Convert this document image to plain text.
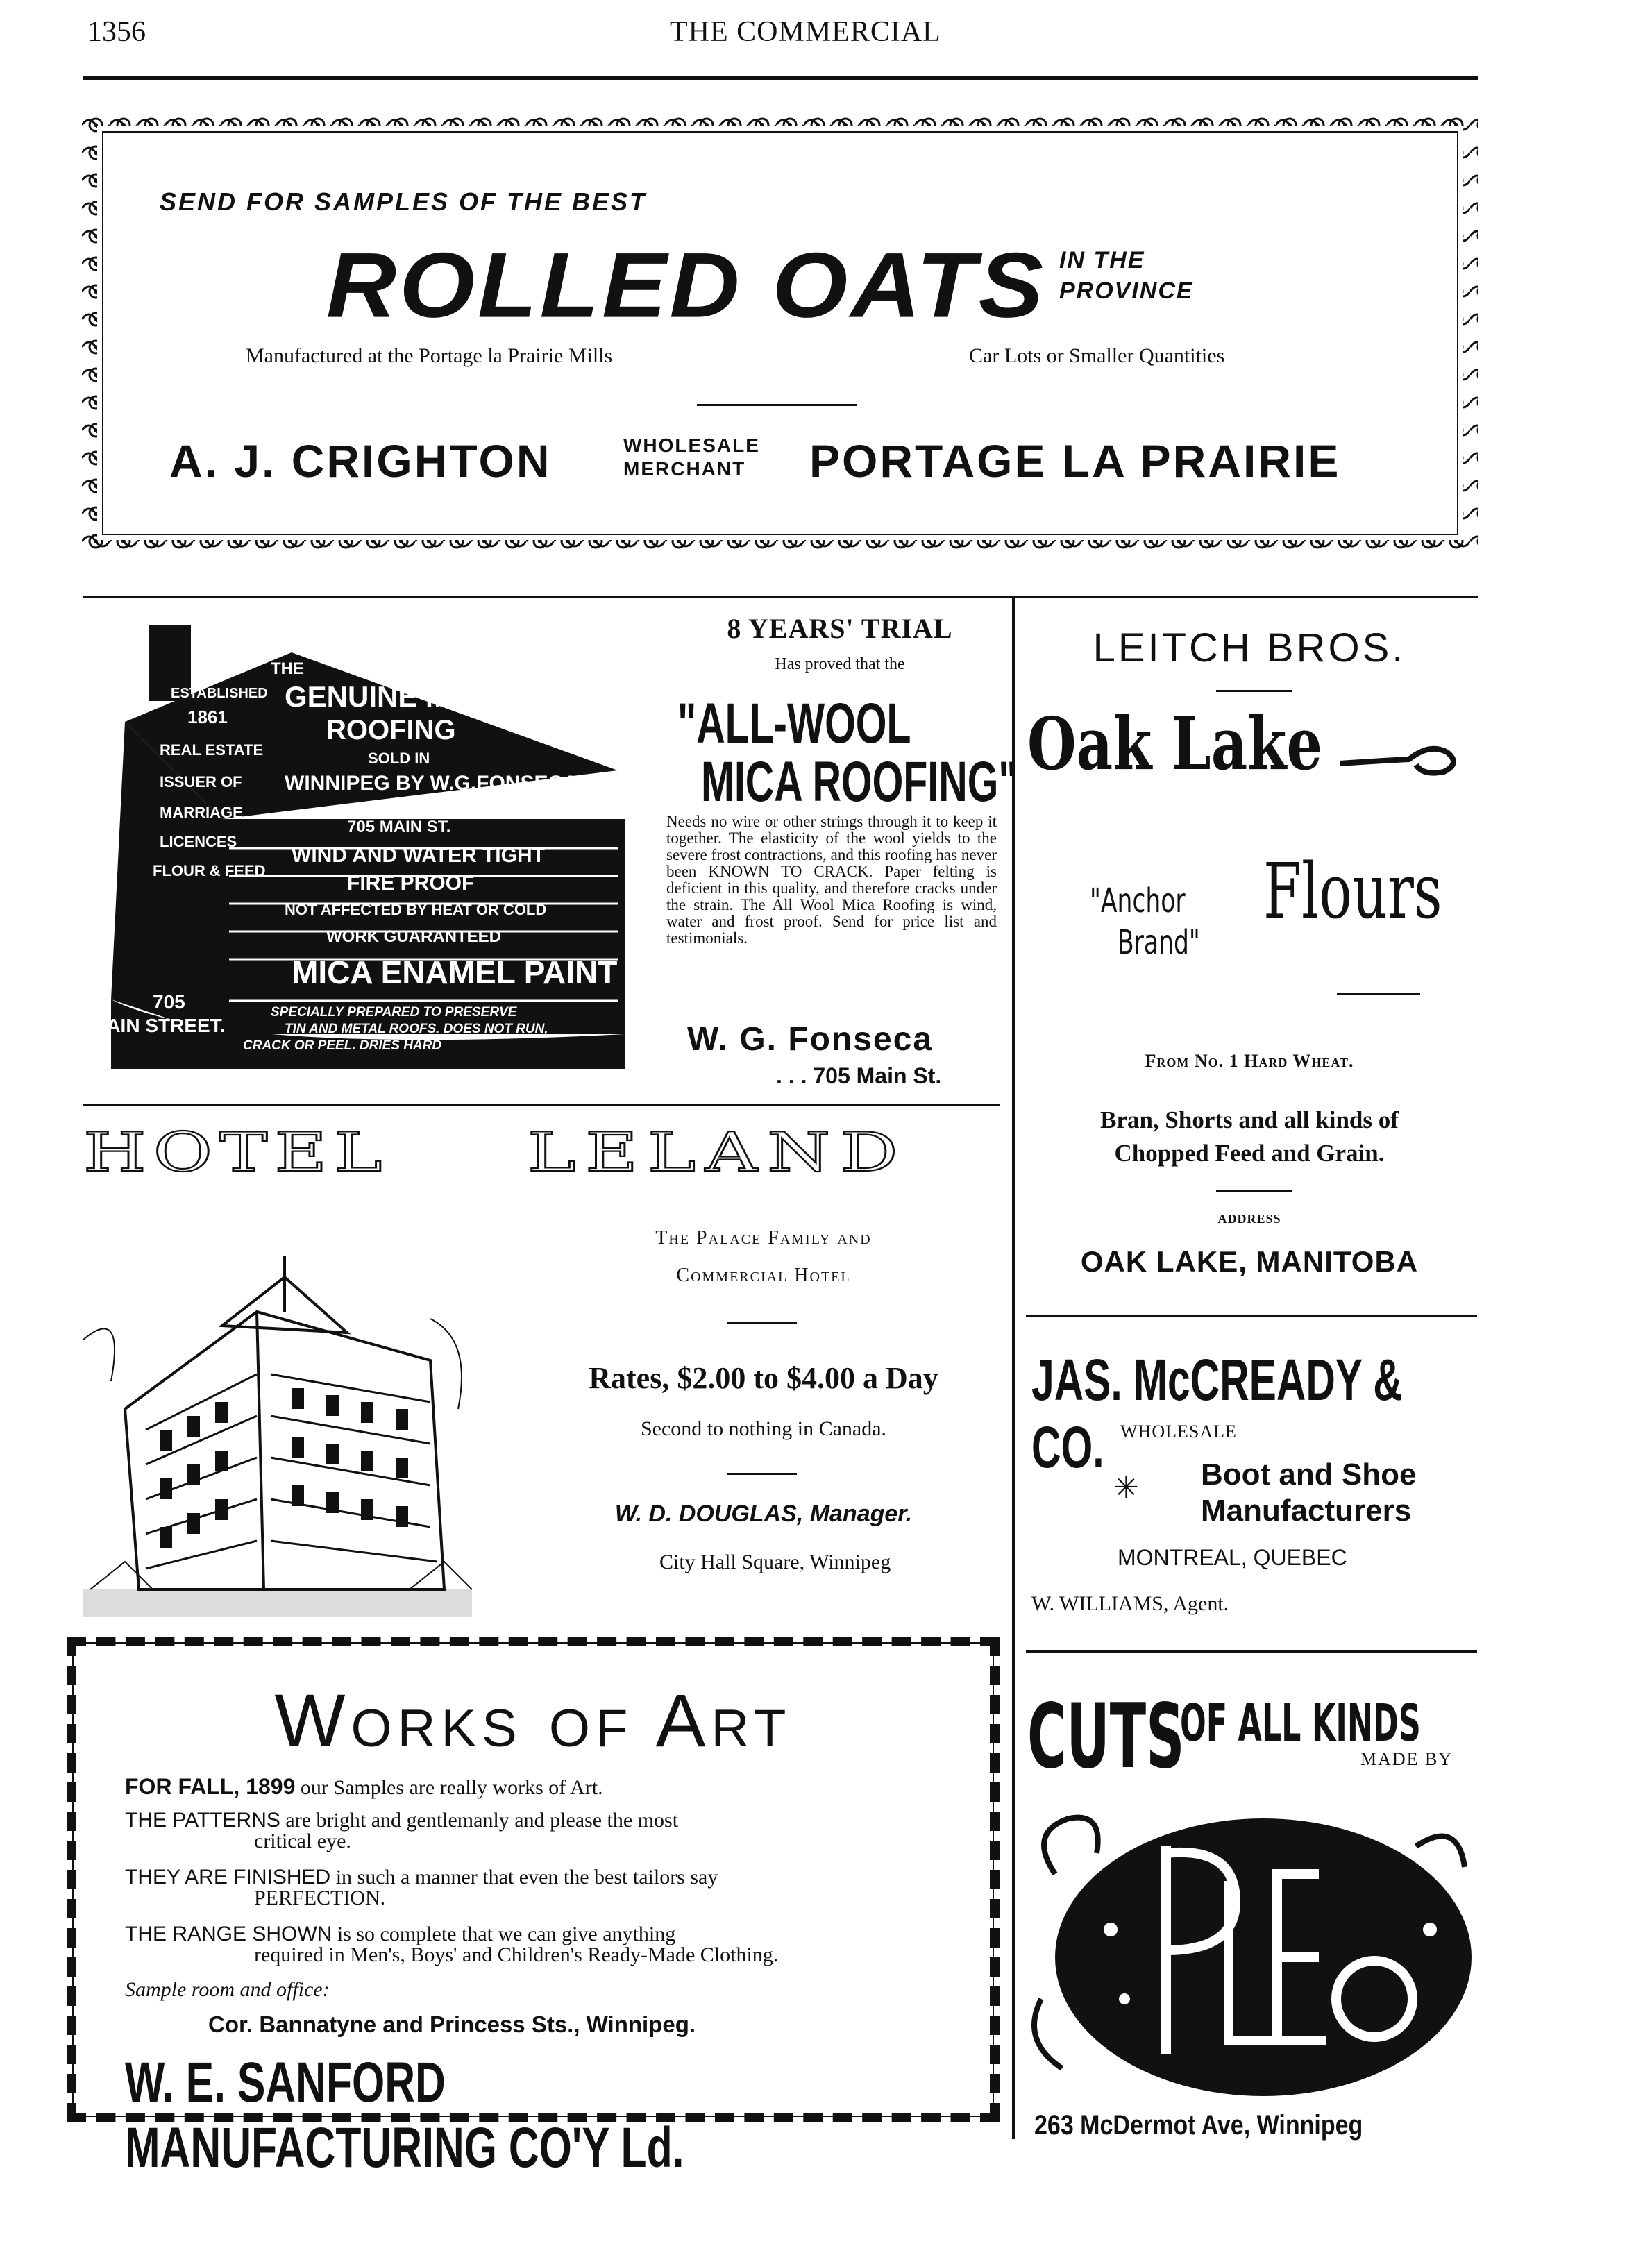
1356	THE COMMERCIAL
SEND FOR SAMPLES OF THE BEST
ROLLED OATS IN THE
PROVINCE
Manufactured at the Portage la Prairie Mills	Car Lots or Smaller Quantities
A. J. CRIGHTON	WHOLESALE
MERCHANT PORTAGE LA PRAIRIE
THE
GENUINE MICA
ROOFING
SOLD IN
WINNIPEG BY W.G.FONSECA
705 MAIN ST.
WIND AND WATER TIGHT
FIRE PROOF
NOT AFFECTED BY HEAT OR COLD
WORK GUARANTEED
MICA ENAMEL PAINT
SPECIALLY PREPARED TO PRESERVE
TIN AND METAL ROOFS. DOES NOT RUN,
CRACK OR PEEL. DRIES HARD
ESTABLISHED
1861
REAL ESTATE
ISSUER OF
MARRIAGE
LICENCES
FLOUR & FEED
705
MAIN STREET.
8 YEARS' TRIAL
Has proved that the
"ALL-WOOL
MICA ROOFING"
Needs no wire or other strings through it to keep it together. The elasticity of the wool yields to the severe frost contractions, and this roofing has never been KNOWN TO CRACK. Paper felting is deficient in this quality, and therefore cracks under the strain. The All Wool Mica Roofing is wind, water and frost proof. Send for price list and testimonials.
W. G. Fonseca
. . . 705 Main St.
HOTEL LELAND
The Palace Family and
Commercial Hotel
Rates, $2.00 to $4.00 a Day
Second to nothing in Canada.
W. D. DOUGLAS, Manager.
City Hall Square, Winnipeg
Works of Art
FOR FALL, 1899 our Samples are really works of Art.
THE PATTERNS are bright and gentlemanly and please the most
critical eye.
THEY ARE FINISHED in such a manner that even the best tailors say
PERFECTION.
THE RANGE SHOWN is so complete that we can give anything
required in Men's, Boys' and Children's Ready-Made Clothing.
Sample room and office:
Cor. Bannatyne and Princess Sts., Winnipeg.
W. E. SANFORD MANUFACTURING CO'Y Ld.
LEITCH BROS.
Oak Lake
"Anchor
Brand"
Flours
From No. 1 Hard Wheat.
Bran, Shorts and all kinds of
Chopped Feed and Grain.
ADDRESS
OAK LAKE, MANITOBA
JAS. McCREADY & CO. WHOLESALE
✳ Boot and Shoe
Manufacturers
MONTREAL, QUEBEC
W. WILLIAMS, Agent.
CUTS
OF ALL KINDS
MADE BY
263 McDermot Ave, Winnipeg
